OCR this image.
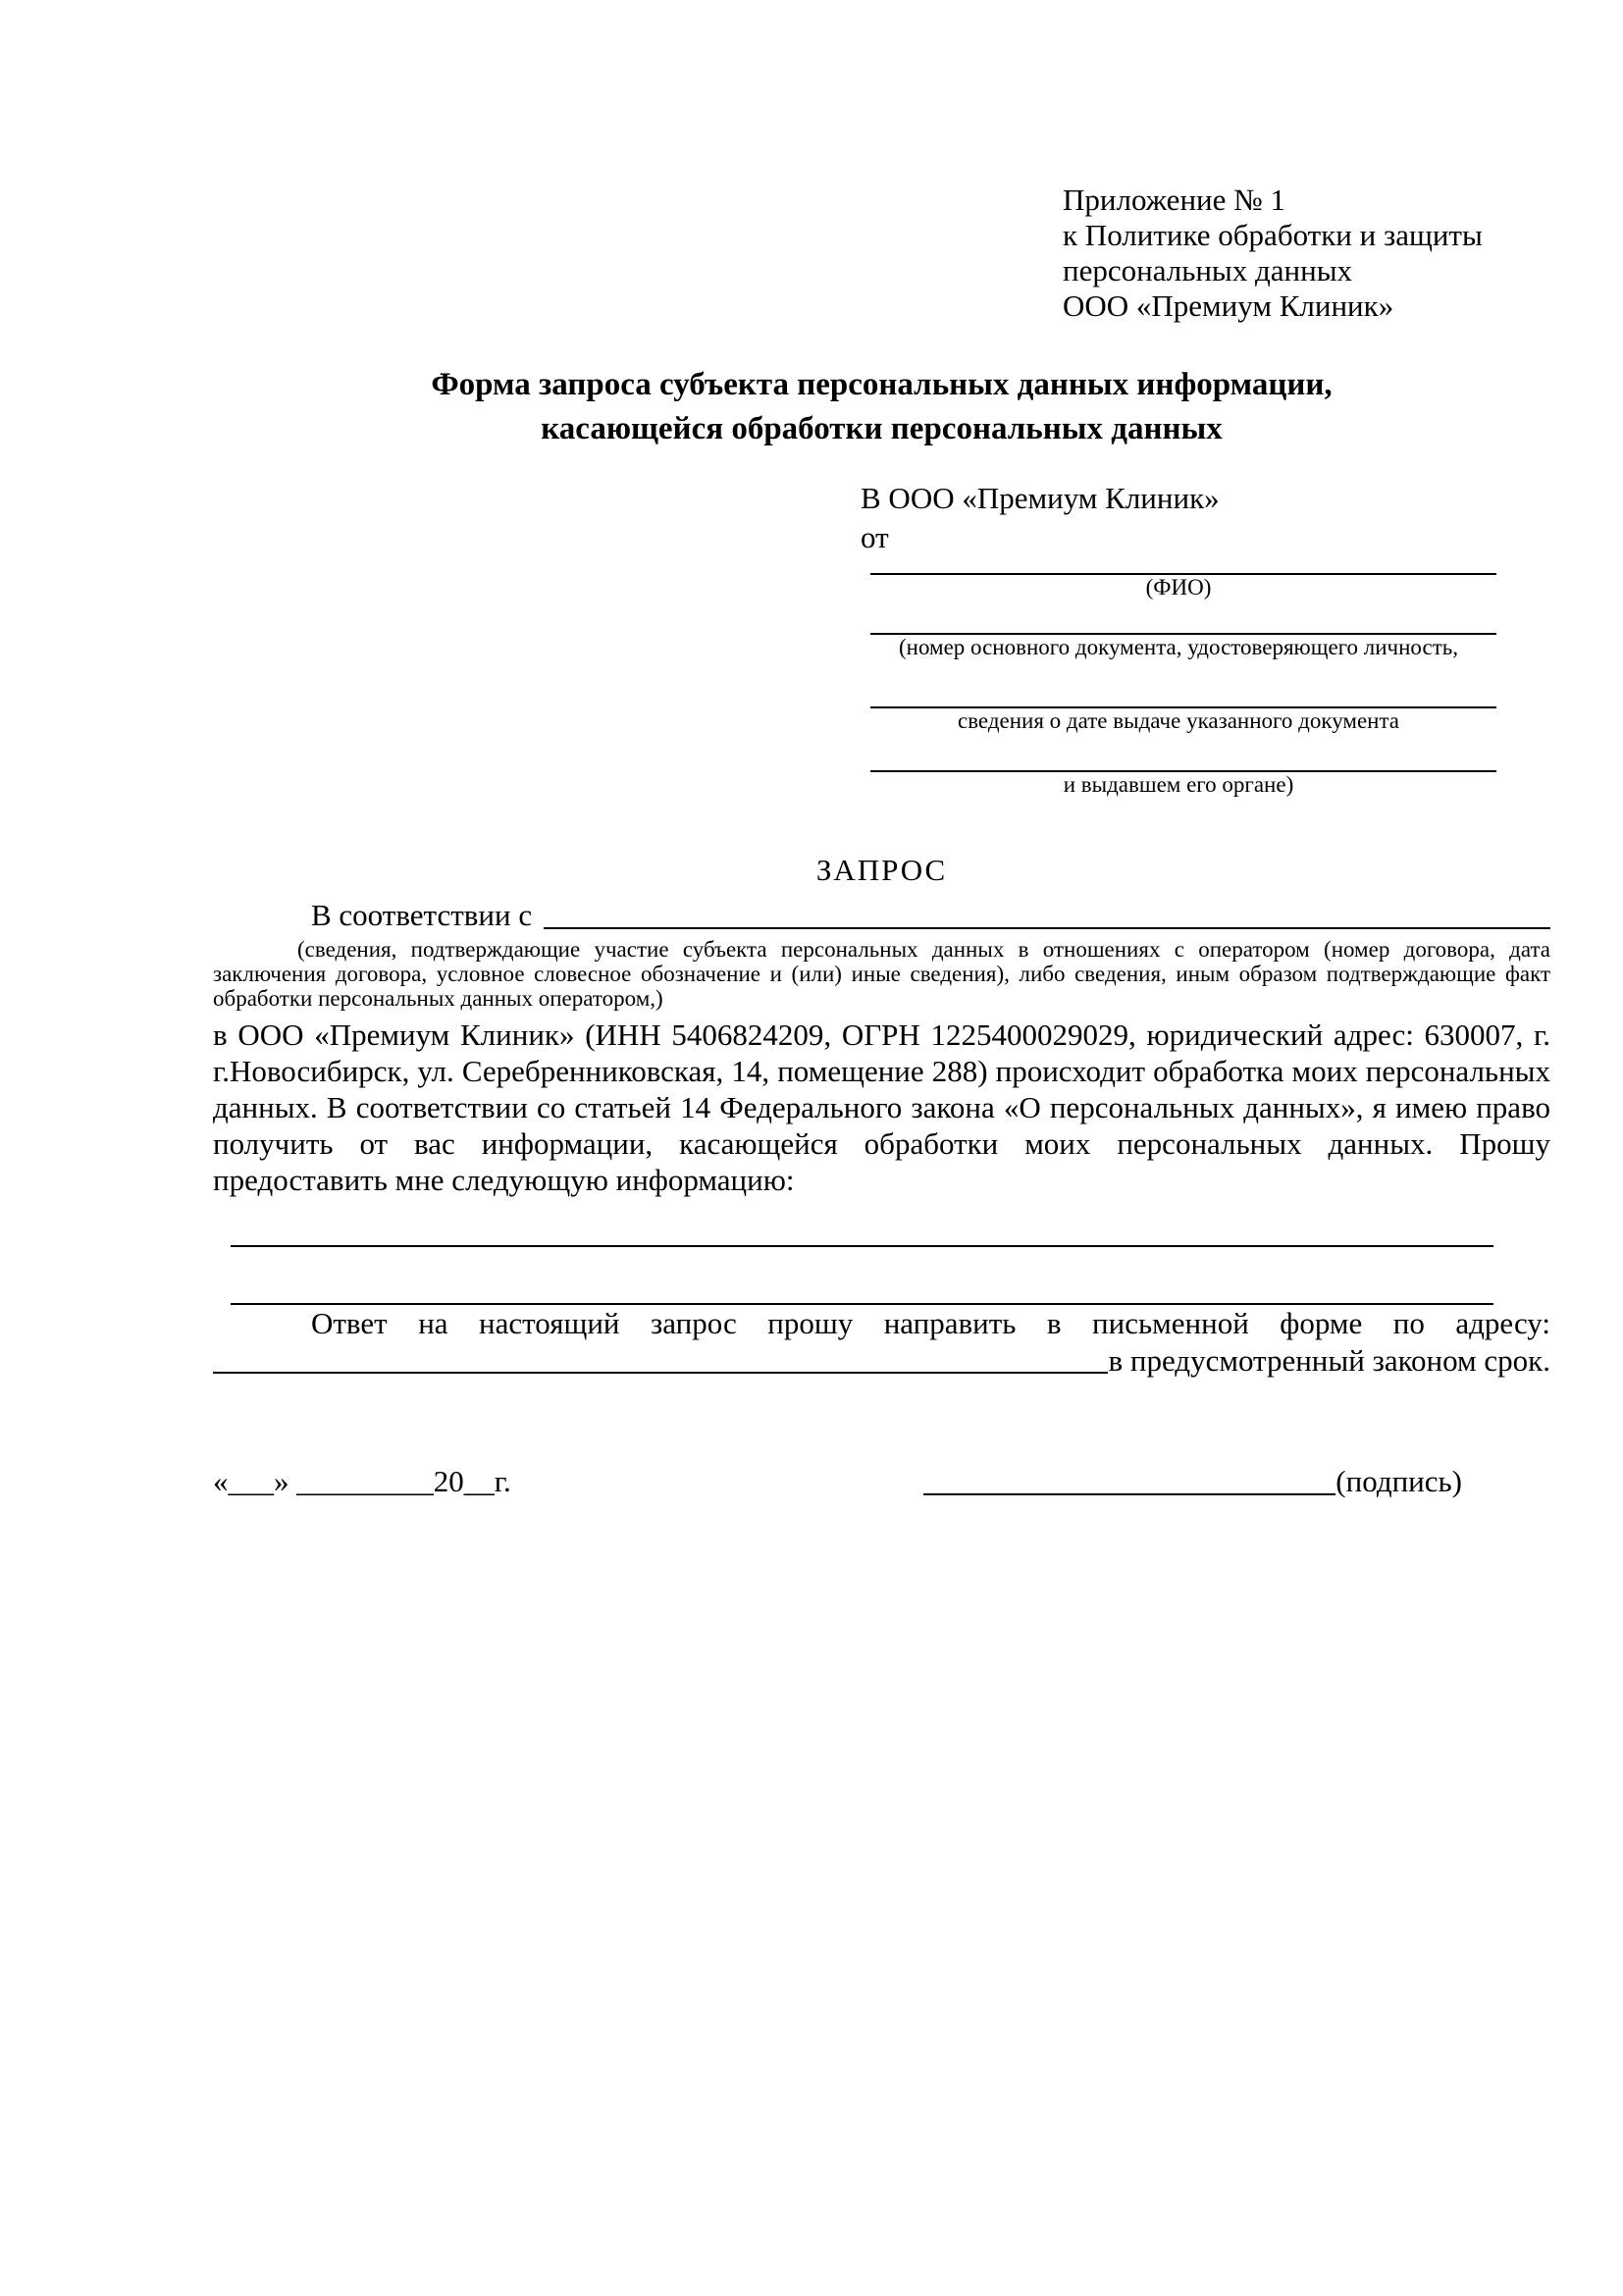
Приложение № 1
к Политике обработки и защиты
персональных данных
ООО «Премиум Клиник»
Форма запроса субъекта персональных данных информации,
касающейся обработки персональных данных
В ООО «Премиум Клиник»
от
(ФИО)
(номер основного документа, удостоверяющего личность,
сведения о дате выдаче указанного документа
и выдавшем его органе)
ЗАПРОС
В соответствии с
(сведения, подтверждающие участие субъекта персональных данных в отношениях с оператором (номер договора, дата заключения договора, условное словесное обозначение и (или) иные сведения), либо сведения, иным образом подтверждающие факт обработки персональных данных оператором,)
в ООО «Премиум Клиник» (ИНН 5406824209, ОГРН 1225400029029, юридический адрес: 630007, г. г.Новосибирск, ул. Серебренниковская, 14, помещение 288) происходит обработка моих персональных данных. В соответствии со статьей 14 Федерального закона «О персональных данных», я имею право получить от вас информации, касающейся обработки моих персональных данных. Прошу предоставить мне следующую информацию:
Ответ на настоящий запрос прошу направить в письменной форме по адресу:
в предусмотренный законом срок.
«___» _________20__г.	(подпись)
